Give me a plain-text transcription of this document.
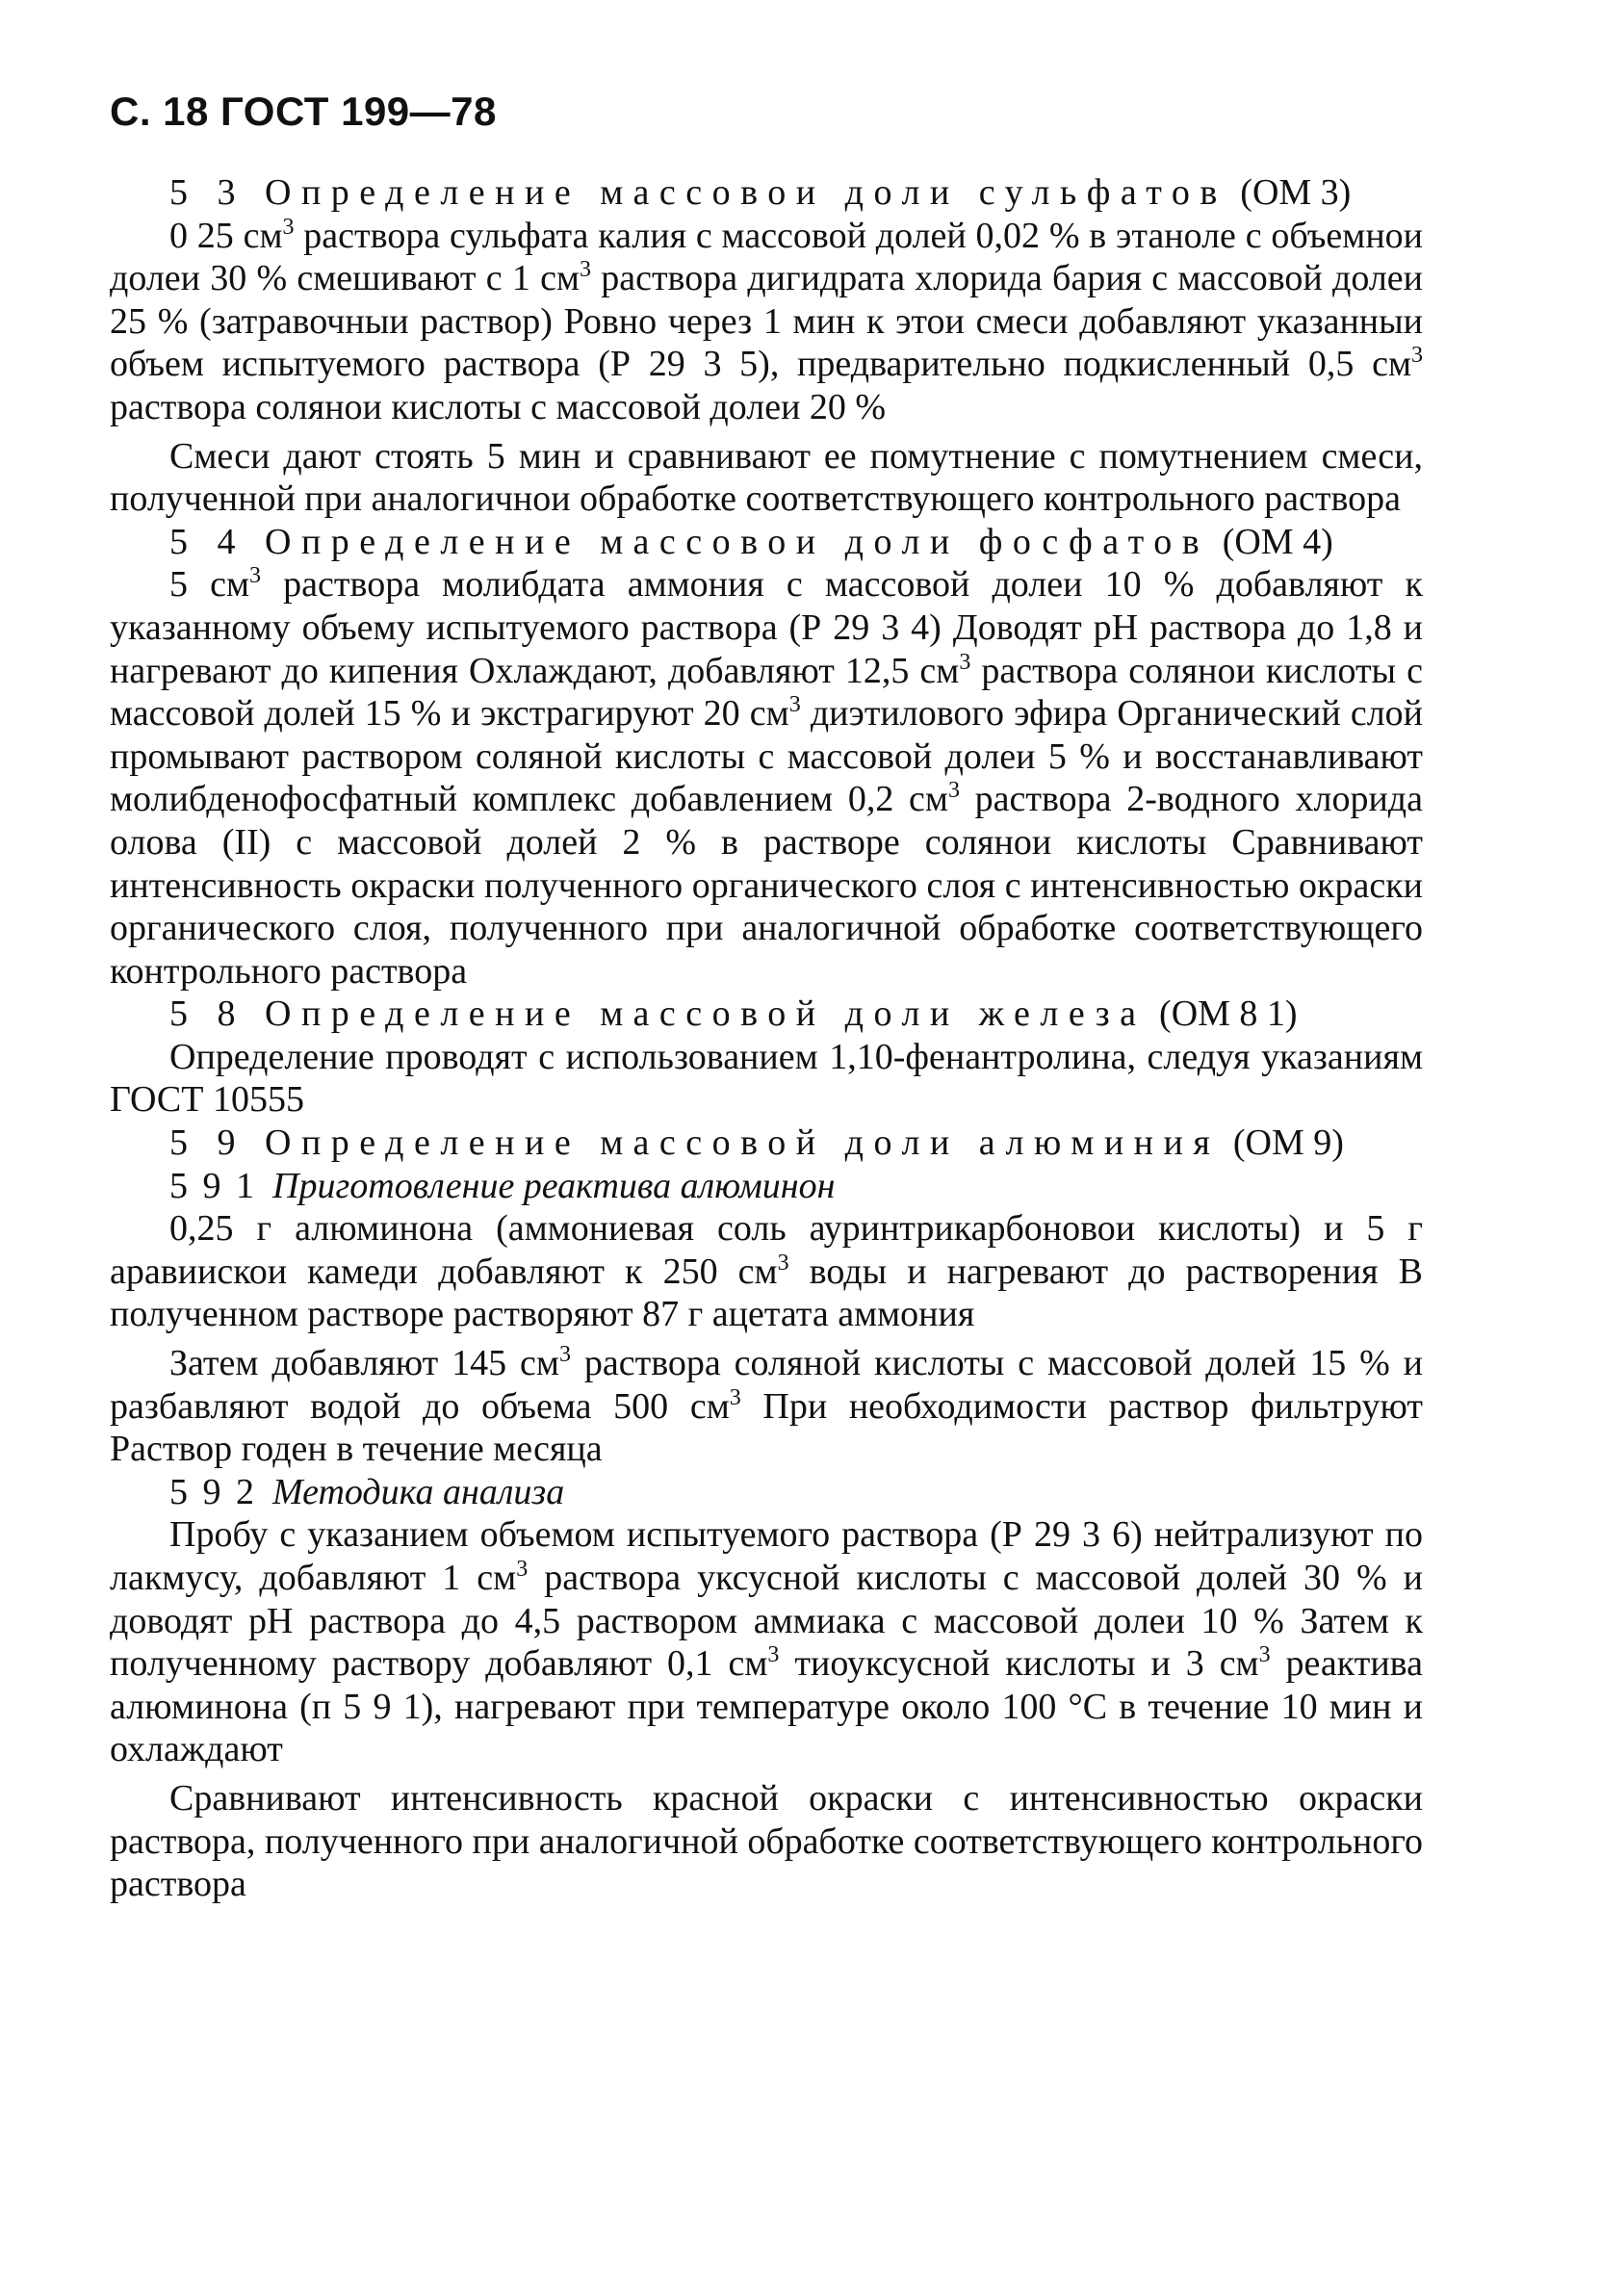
С. 18 ГОСТ 199—78
5 3 Определение массовои доли сульфатов (ОМ 3)

0 25 $см^3$ раствора сульфата калия с массовой долей 0,02 % в этаноле с объемнои долеи 30 % смешивают с 1 $см^3$ раствора дигидрата хлорида бария с массовой долеи 25 % (затравочныи раствор) Ровно через 1 мин к этои смеси добавляют указанныи объем испытуемого раствора (Р 29 3 5), предварительно подкисленный 0,5 $см^3$ раствора солянои кислоты с массовой долеи 20 %

Смеси дают стоять 5 мин и сравнивают ее помутнение с помутнением смеси, полученной при аналогичнои обработке соответствующего контрольного раствора

5 4 Определение массовои доли фосфатов (ОМ 4)

5 $см^3$ раствора молибдата аммония с массовой долеи 10 % добавляют к указанному объему испытуемого раствора (Р 29 3 4) Доводят рН раствора до 1,8 и нагревают до кипения Охлаждают, добавляют 12,5 $см^3$ раствора солянои кислоты с массовой долей 15 % и экстрагируют 20 $см^3$ диэтилового эфира Органический слой промывают раствором соляной кислоты с массовой долеи 5 % и восстанавливают молибденофосфатный комплекс добавлением 0,2 $см^3$ раствора 2-водного хлорида олова (II) с массовой долей 2 % в растворе солянои кислоты Сравнивают интенсивность окраски полученного органического слоя с интенсивностью окраски органического слоя, полученного при аналогичной обработке соответствующего контрольного раствора

5 8 Определение массовой доли железа (ОМ 8 1)

Определение проводят с использованием 1,10-фенантролина, следуя указаниям ГОСТ 10555

5 9 Определение массовой доли алюминия (ОМ 9)
5 9 1 Приготовление реактива алюминон

0,25 г алюминона (аммониевая соль ауринтрикарбоновои кислоты) и 5 г аравиискои камеди добавляют к 250 $см^3$ воды и нагревают до растворения В полученном растворе растворяют 87 г ацетата аммония

Затем добавляют 145 $см^3$ раствора соляной кислоты с массовой долей 15 % и разбавляют водой до объема 500 $см^3$ При необходимости раствор фильтруют Раствор годен в течение месяца

5 9 2 Методика анализа

Пробу с указанием объемом испытуемого раствора (Р 29 3 6) нейтрализуют по лакмусу, добавляют 1 $см^3$ раствора уксусной кислоты с массовой долей 30 % и доводят рН раствора до 4,5 раствором аммиака с массовой долеи 10 % Затем к полученному раствору добавляют 0,1 $см^3$ тиоуксусной кислоты и 3 $см^3$ реактива алюминона (п 5 9 1), нагревают при температуре около 100 °С в течение 10 мин и охлаждают

Сравнивают интенсивность красной окраски с интенсивностью окраски раствора, полученного при аналогичной обработке соответствующего контрольного раствора
